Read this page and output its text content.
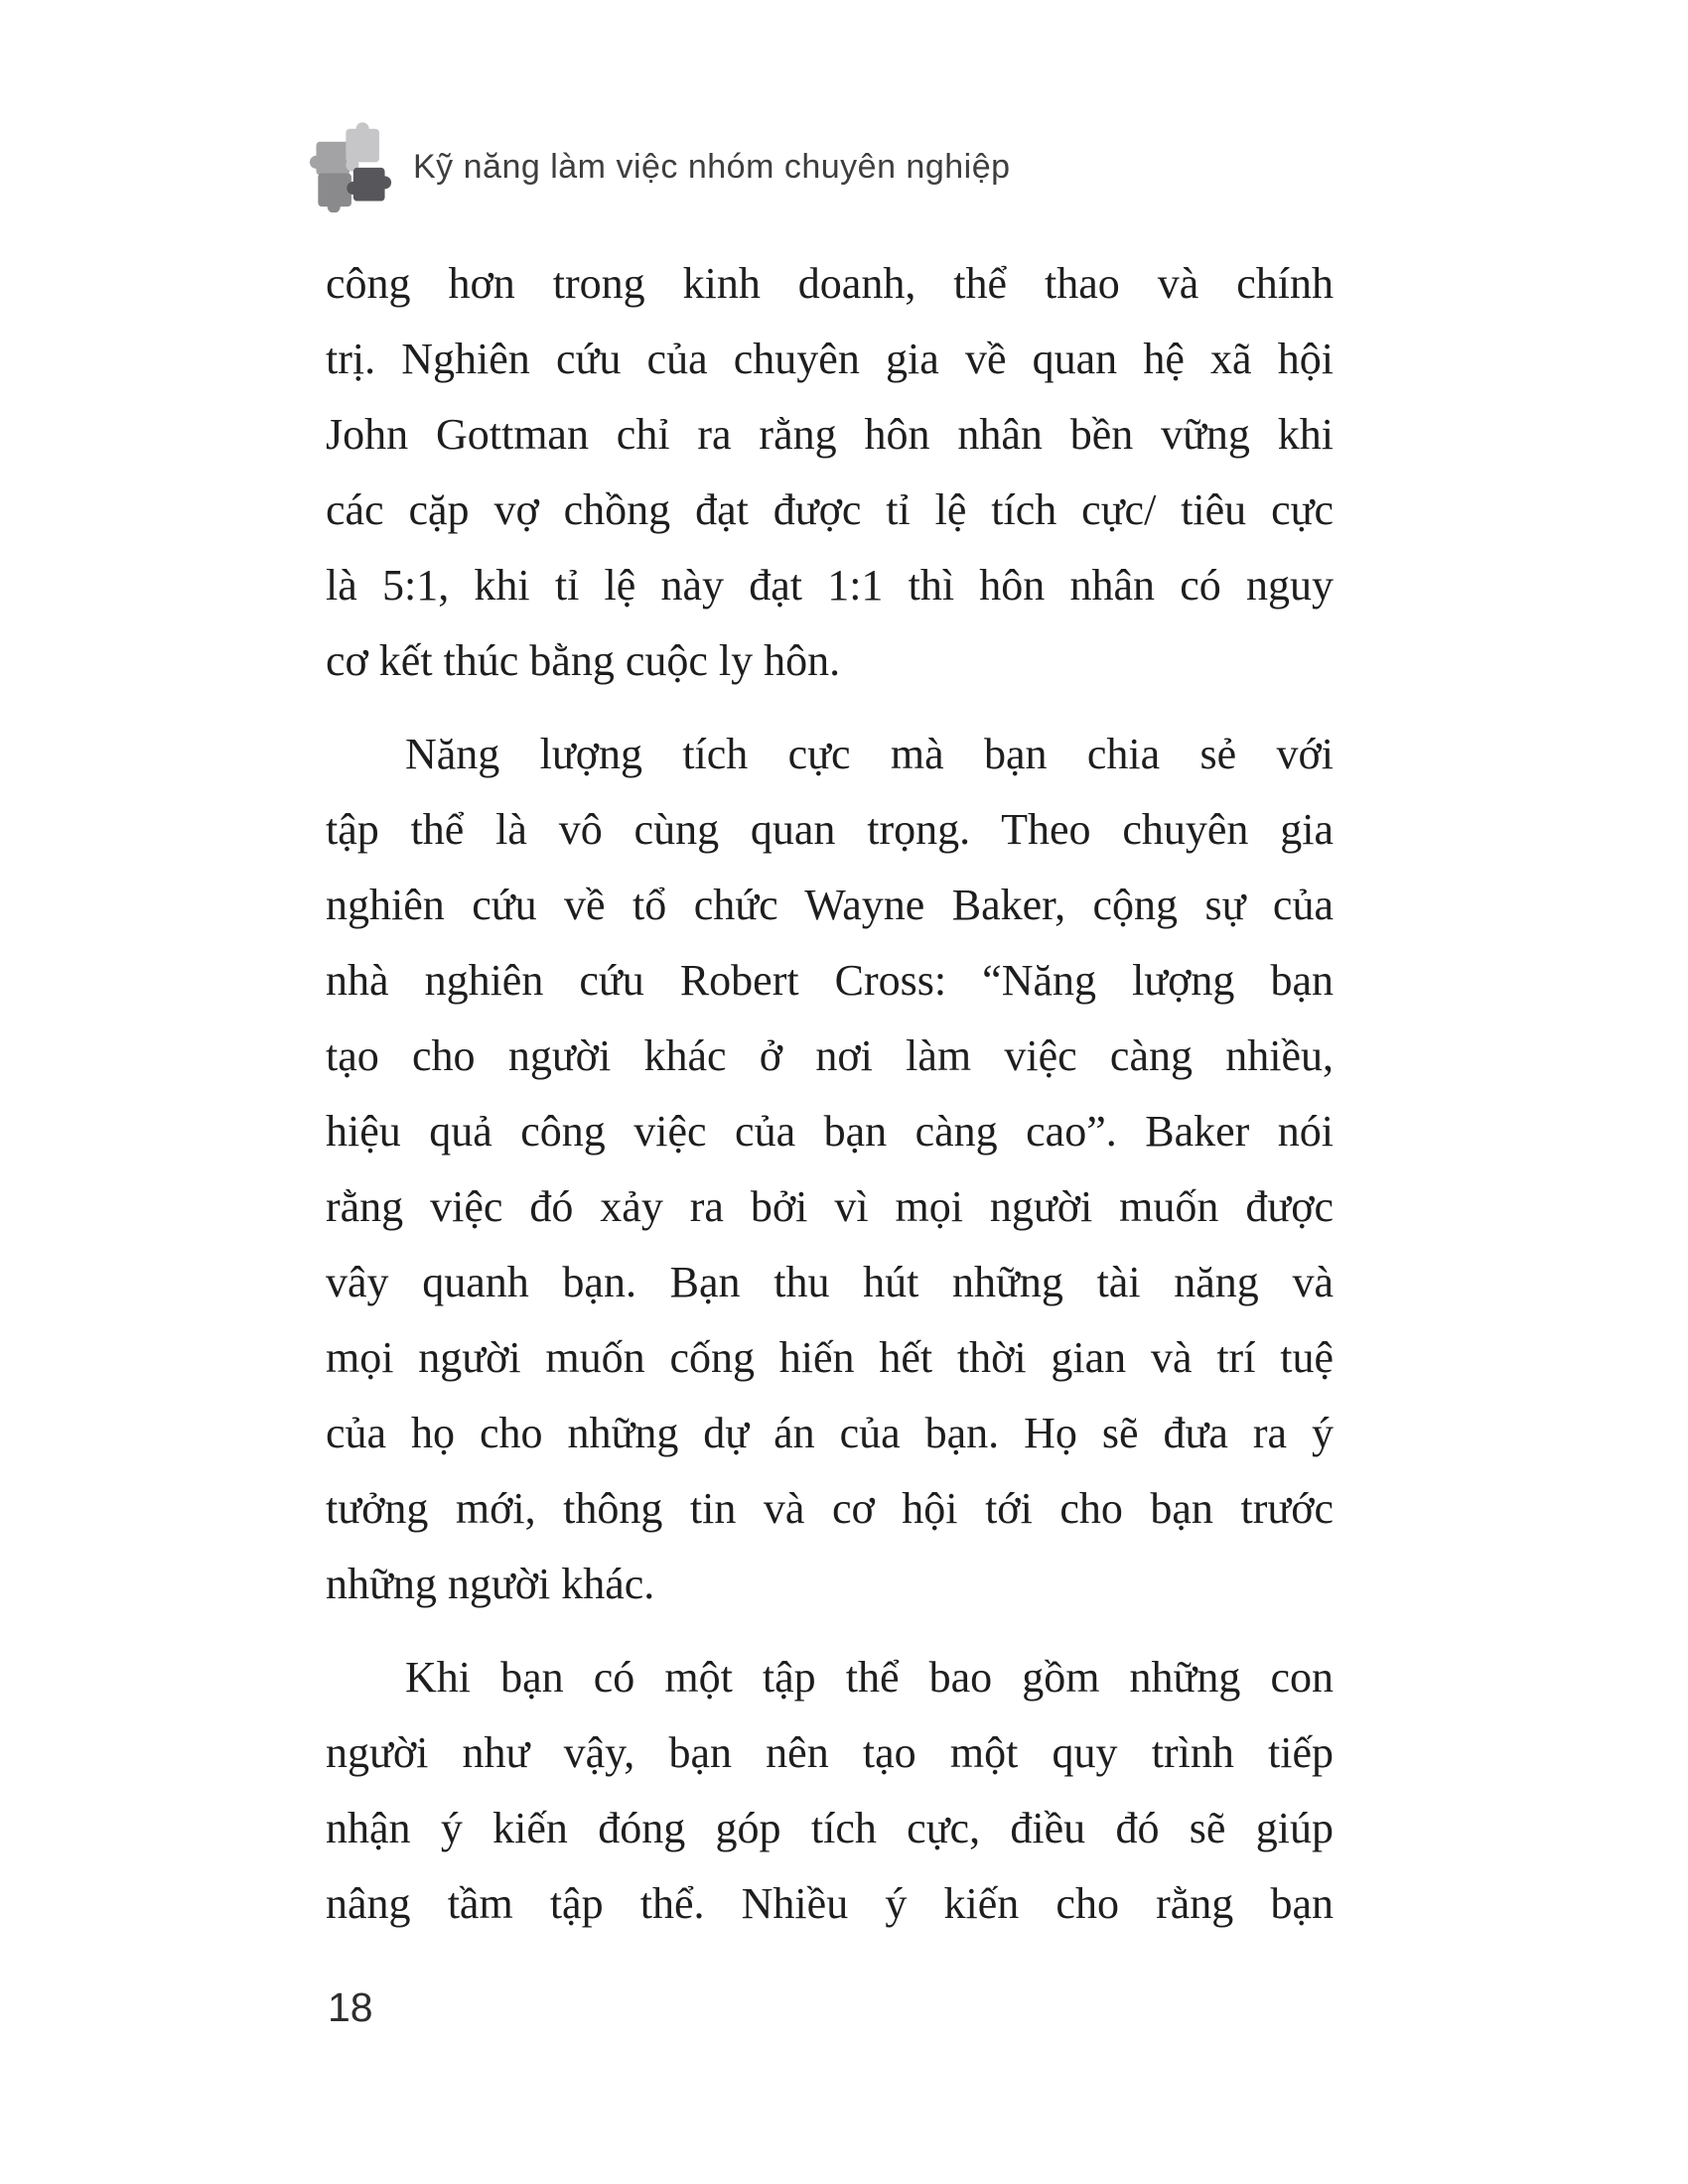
Kỹ năng làm việc nhóm chuyên nghiệp
công hơn trong kinh doanh, thể thao và chính
trị. Nghiên cứu của chuyên gia về quan hệ xã hội
John Gottman chỉ ra rằng hôn nhân bền vững khi
các cặp vợ chồng đạt được tỉ lệ tích cực/ tiêu cực
là 5:1, khi tỉ lệ này đạt 1:1 thì hôn nhân có nguy
cơ kết thúc bằng cuộc ly hôn.
Năng lượng tích cực mà bạn chia sẻ với
tập thể là vô cùng quan trọng. Theo chuyên gia
nghiên cứu về tổ chức Wayne Baker, cộng sự của
nhà nghiên cứu Robert Cross: “Năng lượng bạn
tạo cho người khác ở nơi làm việc càng nhiều,
hiệu quả công việc của bạn càng cao”. Baker nói
rằng việc đó xảy ra bởi vì mọi người muốn được
vây quanh bạn. Bạn thu hút những tài năng và
mọi người muốn cống hiến hết thời gian và trí tuệ
của họ cho những dự án của bạn. Họ sẽ đưa ra ý
tưởng mới, thông tin và cơ hội tới cho bạn trước
những người khác.
Khi bạn có một tập thể bao gồm những con
người như vậy, bạn nên tạo một quy trình tiếp
nhận ý kiến đóng góp tích cực, điều đó sẽ giúp
nâng tầm tập thể. Nhiều ý kiến cho rằng bạn
18
